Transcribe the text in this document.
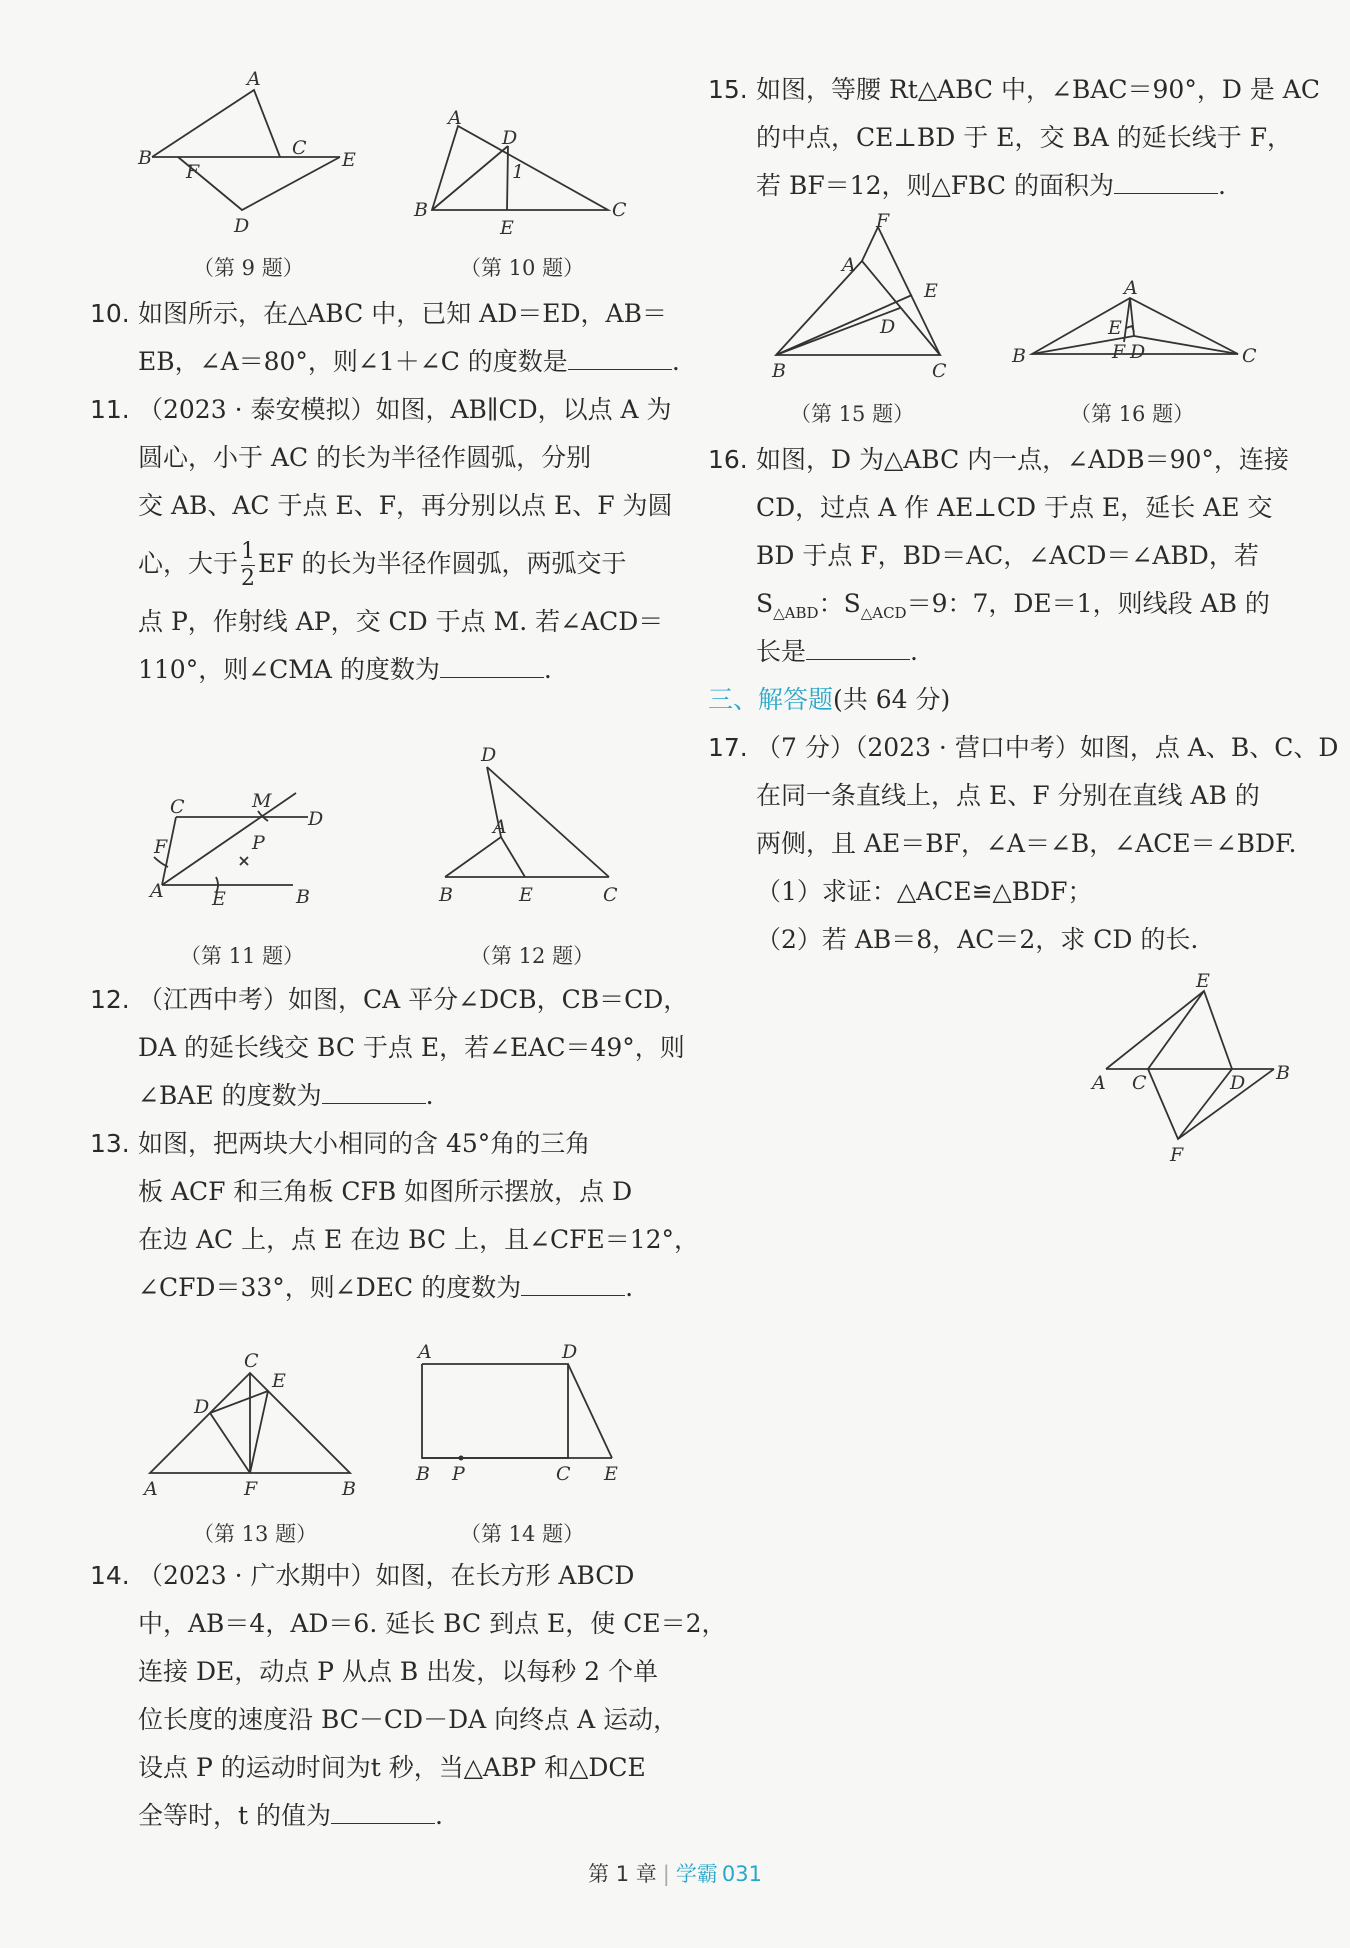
A
B	C
E
F
D
（第 9 题）
A
D
1
B
E
C
（第 10 题）
10. 如图所示，在△ABC 中，已知 AD＝ED，AB＝
EB，∠A＝80°，则∠1＋∠C 的度数是	.
11. （2023 · 泰安模拟）如图，AB∥CD，以点 A 为
圆心，小于 AC 的长为半径作圆弧，分别
交 AB、AC 于点 E、F，再分别以点 E、F 为圆
心，大于 $\frac{1}{2}$ EF 的长为半径作圆弧，两弧交于
点 P，作射线 AP，交 CD 于点 M. 若∠ACD＝
110°，则∠CMA 的度数为	.
C	M
D
F	P
A	E	B
（第 11 题）
D
A
B	E	C
（第 12 题）
12. （江西中考）如图，CA 平分∠DCB，CB＝CD，
DA 的延长线交 BC 于点 E，若∠EAC＝49°，则
∠BAE 的度数为	.
13. 如图，把两块大小相同的含 45°角的三角
板 ACF 和三角板 CFB 如图所示摆放，点 D
在边 AC 上，点 E 在边 BC 上，且∠CFE＝12°，
∠CFD＝33°，则∠DEC 的度数为	.
C
E
D
A	F	B
（第 13 题）
A	D
B P	C E
（第 14 题）
14. （2023 · 广水期中）如图，在长方形 ABCD
中，AB＝4，AD＝6. 延长 BC 到点 E，使 CE＝2，
连接 DE，动点 P 从点 B 出发，以每秒 2 个单
位长度的速度沿 BC－CD－DA 向终点 A 运动，
设点 P 的运动时间为t 秒，当△ABP 和△DCE
全等时，t 的值为	.
15. 如图，等腰 Rt△ABC 中，∠BAC＝90°，D 是 AC
的中点，CE⊥BD 于 E，交 BA 的延长线于 F，
若 BF＝12，则△FBC 的面积为	.
F
A
E
D
B	C
（第 15 题）
A
E
F D
B	C
（第 16 题）
16. 如图，D 为△ABC 内一点，∠ADB＝90°，连接
CD，过点 A 作 AE⊥CD 于点 E，延长 AE 交
BD 于点 F，BD＝AC，∠ACD＝∠ABD，若
$S_{\triangle ABD}$：$S_{\triangle ACD}=9$：7，DE＝1，则线段 AB 的
长是	.
三、解答题(共 64 分)
17. （7 分）（2023 · 营口中考）如图，点 A、B、C、D
在同一条直线上，点 E、F 分别在直线 AB 的
两侧，且 AE＝BF，∠A＝∠B，∠ACE＝∠BDF.
（1）求证：△ACE≌△BDF；
（2）若 AB＝8，AC＝2，求 CD 的长.
E
A C	D B
F
第 1 章 | 学霸 031
